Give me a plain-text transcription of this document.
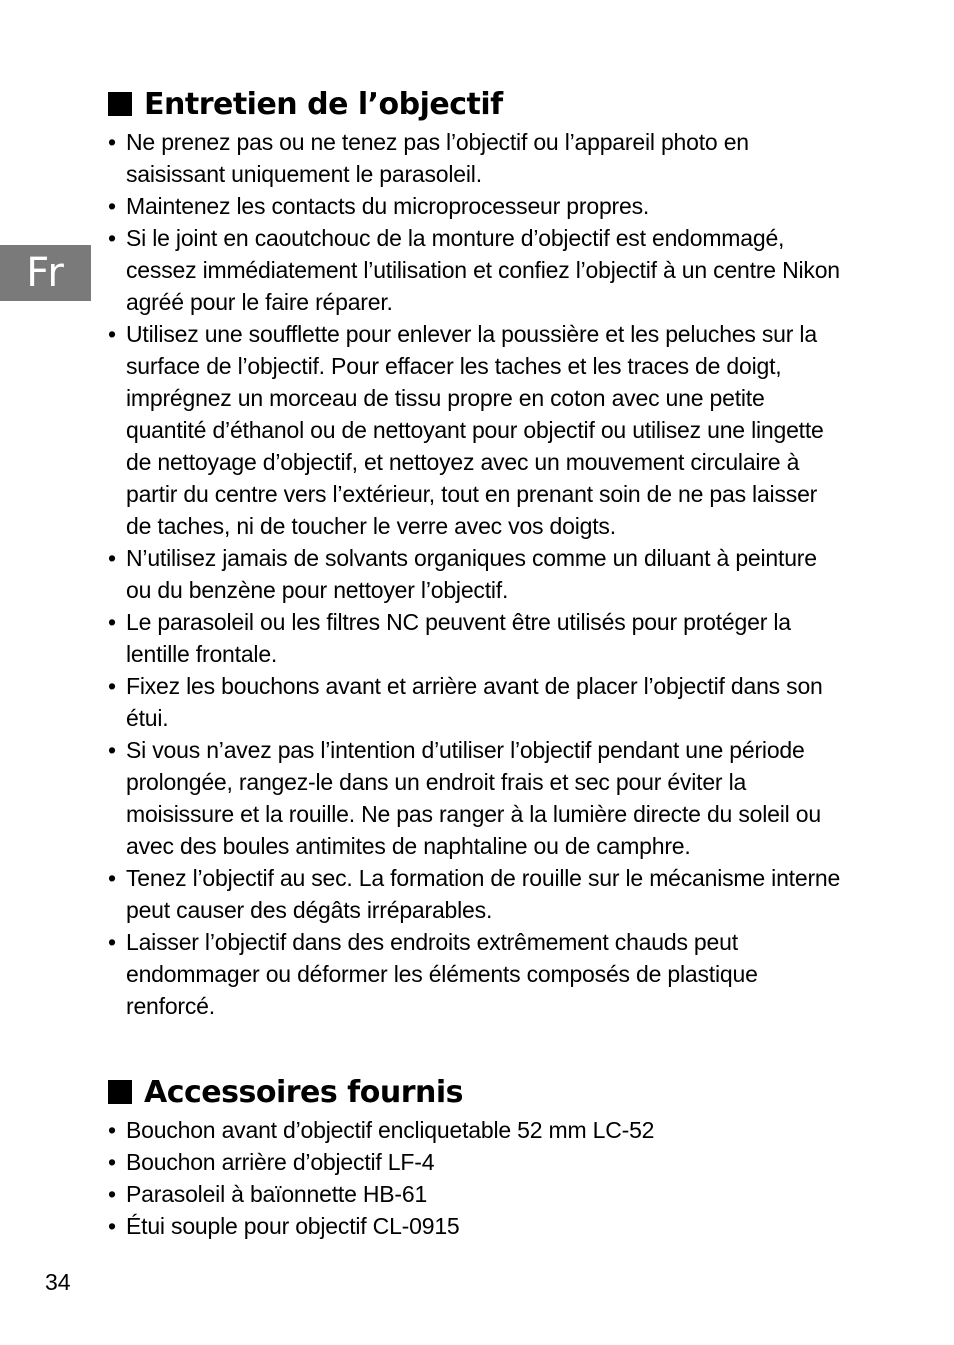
Fr
Entretien de l’objectif
• Ne prenez pas ou ne tenez pas l’objectif ou l’appareil photo en saisissant uniquement le parasoleil.
• Maintenez les contacts du microprocesseur propres.
• Si le joint en caoutchouc de la monture d’objectif est endommagé, cessez immédiatement l’utilisation et confiez l’objectif à un centre Nikon agréé pour le faire réparer.
• Utilisez une soufflette pour enlever la poussière et les peluches sur la surface de l’objectif. Pour effacer les taches et les traces de doigt, imprégnez un morceau de tissu propre en coton avec une petite quantité d’éthanol ou de nettoyant pour objectif ou utilisez une lingette de nettoyage d’objectif, et nettoyez avec un mouvement circulaire à partir du centre vers l’extérieur, tout en prenant soin de ne pas laisser de taches, ni de toucher le verre avec vos doigts.
• N’utilisez jamais de solvants organiques comme un diluant à peinture ou du benzène pour nettoyer l’objectif.
• Le parasoleil ou les filtres NC peuvent être utilisés pour protéger la lentille frontale.
• Fixez les bouchons avant et arrière avant de placer l’objectif dans son étui.
• Si vous n’avez pas l’intention d’utiliser l’objectif pendant une période prolongée, rangez-le dans un endroit frais et sec pour éviter la moisissure et la rouille. Ne pas ranger à la lumière directe du soleil ou avec des boules antimites de naphtaline ou de camphre.
• Tenez l’objectif au sec. La formation de rouille sur le mécanisme interne peut causer des dégâts irréparables.
• Laisser l’objectif dans des endroits extrêmement chauds peut endommager ou déformer les éléments composés de plastique renforcé.
Accessoires fournis
• Bouchon avant d’objectif encliquetable 52 mm LC-52
• Bouchon arrière d’objectif LF-4
• Parasoleil à baïonnette HB-61
• Étui souple pour objectif CL-0915
34
